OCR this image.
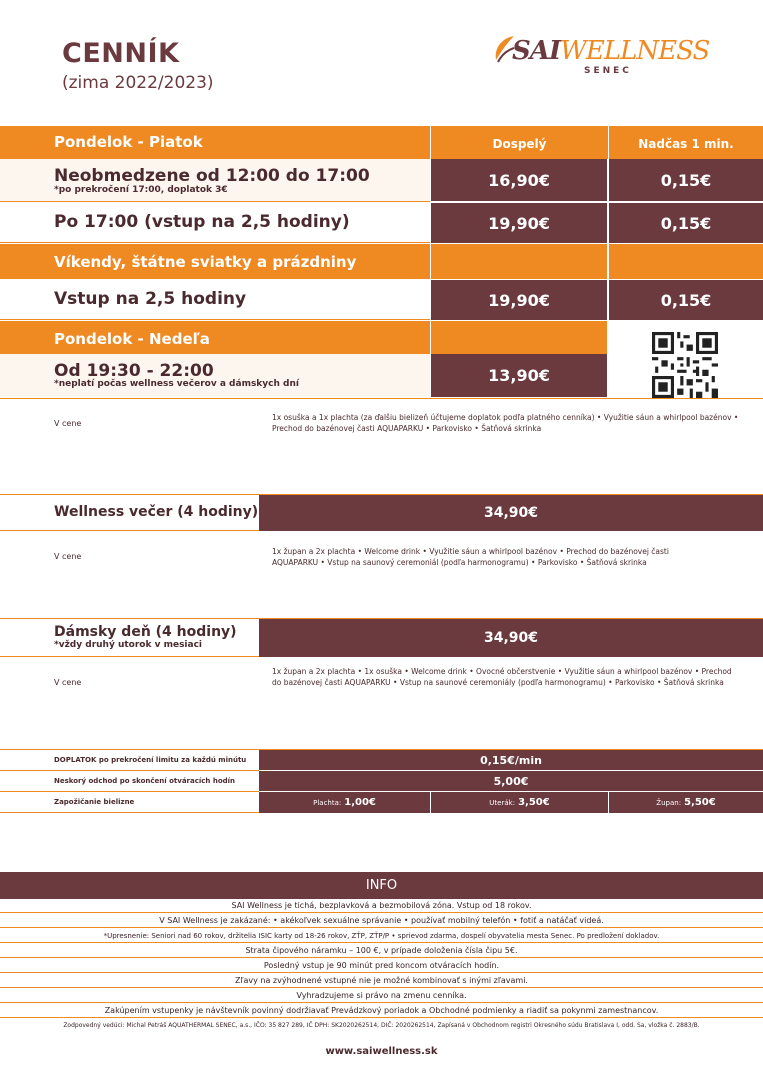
CENNÍK
(zima 2022/2023)
SAIWELLNESS
SENEC
Pondelok - Piatok	Dospelý	Nadčas 1 min.
Neobmedzene od 12:00 do 17:00
*po prekročení 17:00, doplatok 3€
16,90€	0,15€
Po 17:00 (vstup na 2,5 hodiny)	19,90€	0,15€
Víkendy, štátne sviatky a prázdniny
Vstup na 2,5 hodiny	19,90€	0,15€
Pondelok - Nedeľa
Od 19:30 - 22:00
*neplatí počas wellness večerov a dámskych dní	13,90€
V cene
1x osuška a 1x plachta (za ďalšiu bielizeň účtujeme doplatok podľa platného cenníka) • Využitie sáun a whirlpool bazénov • Prechod do bazénovej časti AQUAPARKU • Parkovisko • Šatňová skrinka
Wellness večer (4 hodiny)	34,90€
V cene
1x župan a 2x plachta • Welcome drink • Využitie sáun a whirlpool bazénov • Prechod do bazénovej časti AQUAPARKU • Vstup na saunový ceremoniál (podľa harmonogramu) • Parkovisko • Šatňová skrinka
Dámsky deň (4 hodiny)
*vždy druhý utorok v mesiaci	34,90€
V cene
1x župan a 2x plachta • 1x osuška • Welcome drink • Ovocné občerstvenie • Využitie sáun a whirlpool bazénov • Prechod do bazénovej časti AQUAPARKU • Vstup na saunové ceremoniály (podľa harmonogramu) • Parkovisko • Šatňová skrinka
DOPLATOK po prekročení limitu za každú minútu	0,15€/min
Neskorý odchod po skončení otváracích hodín	5,00€
Zapožičanie bielizne	Plachta: 1,00€	Uterák: 3,50€	Župan: 5,50€
INFO
SAI Wellness je tichá, bezplavková a bezmobilová zóna. Vstup od 18 rokov.
V SAI Wellness je zakázané: • akékoľvek sexuálne správanie • používať mobilný telefón • fotiť a natáčať videá.
*Upresnenie: Seniori nad 60 rokov, držitelia ISIC karty od 18-26 rokov, ZŤP, ZŤP/P • sprievod zdarma, dospelí obyvatelia mesta Senec. Po predložení dokladov.
Strata čipového náramku – 100 €, v prípade doloženia čísla čipu 5€.
Posledný vstup je 90 minút pred koncom otváracích hodín.
Zľavy na zvýhodnené vstupné nie je možné kombinovať s inými zľavami.
Vyhradzujeme si právo na zmenu cenníka.
Zakúpením vstupenky je návštevník povinný dodržiavať Prevádzkový poriadok a Obchodné podmienky a riadiť sa pokynmi zamestnancov.
Zodpovedný vedúci: Michal Petráš AQUATHERMAL SENEC, a.s., IČO: 35 827 289, IČ DPH: SK2020262514, DIČ: 2020262514, Zapísaná v Obchodnom registri Okresného súdu Bratislava I, odd. Sa, vložka č. 2883/B.
www.saiwellness.sk
